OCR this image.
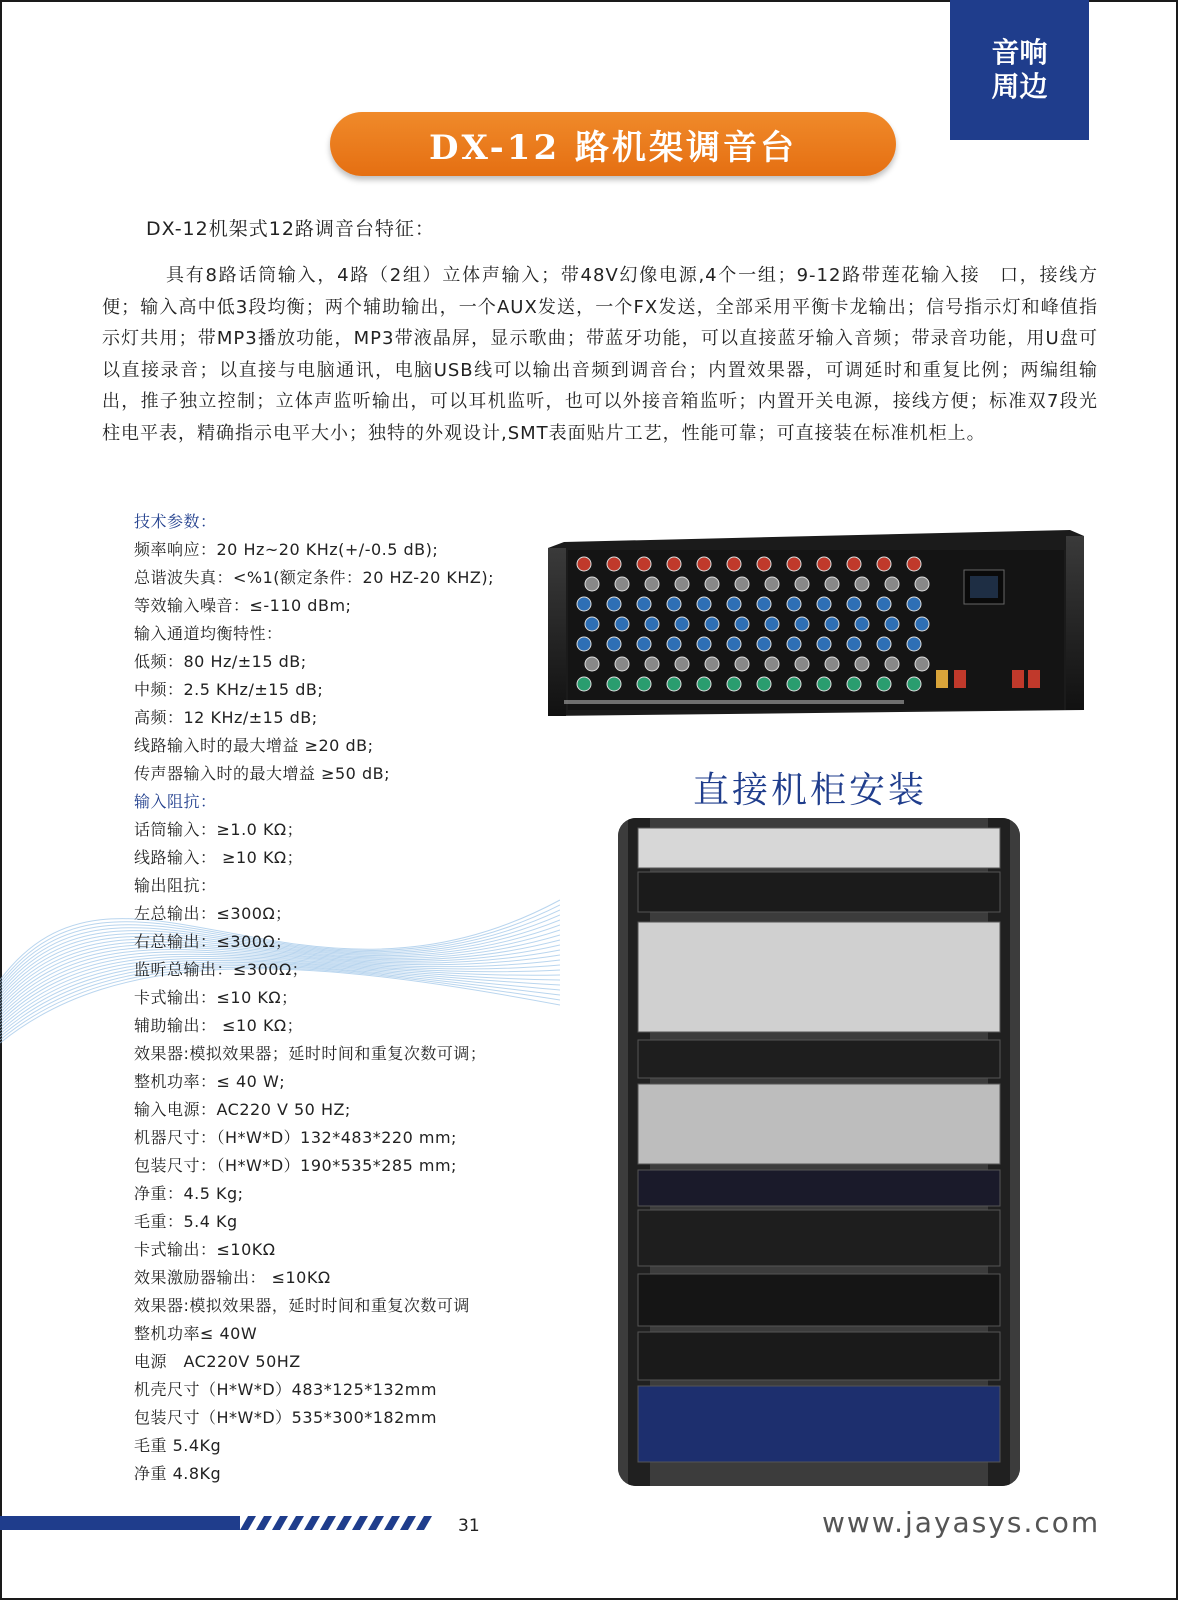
音响
周边
DX-12 路机架调音台
DX-12机架式12路调音台特征：
具有8路话筒输入，4路（2组）立体声输入；带48V幻像电源,4个一组；9-12路带莲花输入接　口，接线方便；输入高中低3段均衡；两个辅助输出，一个AUX发送，一个FX发送，全部采用平衡卡龙输出；信号指示灯和峰值指示灯共用；带MP3播放功能，MP3带液晶屏，显示歌曲；带蓝牙功能，可以直接蓝牙输入音频；带录音功能，用U盘可以直接录音；以直接与电脑通讯，电脑USB线可以输出音频到调音台；内置效果器，可调延时和重复比例；两编组输出，推子独立控制；立体声监听输出，可以耳机监听，也可以外接音箱监听；内置开关电源，接线方便；标准双7段光柱电平表，精确指示电平大小；独特的外观设计,SMT表面贴片工艺，性能可靠；可直接装在标准机柜上。
技术参数：
频率响应：20 Hz~20 KHz(+/-0.5 dB);
总谐波失真：<%1(额定条件：20 HZ-20 KHZ);
等效输入噪音：≤-110 dBm;
输入通道均衡特性：
低频：80 Hz/±15 dB;
中频：2.5 KHz/±15 dB;
高频：12 KHz/±15 dB;
线路输入时的最大增益 ≥20 dB;
传声器输入时的最大增益 ≥50 dB;
输入阻抗：
话筒输入：≥1.0 KΩ；
线路输入： ≥10 KΩ；
输出阻抗：
左总输出：≤300Ω；
右总输出：≤300Ω；
监听总输出：≤300Ω；
卡式输出：≤10 KΩ；
辅助输出： ≤10 KΩ；
效果器:模拟效果器；延时时间和重复次数可调；
整机功率：≤ 40 W;
输入电源：AC220 V 50 HZ;
机器尺寸：（H*W*D）132*483*220 mm;
包装尺寸：（H*W*D）190*535*285 mm;
净重：4.5 Kg;
毛重：5.4 Kg
卡式输出：≤10KΩ
效果激励器输出： ≤10KΩ
效果器:模拟效果器，延时时间和重复次数可调
整机功率≤ 40W
电源　AC220V 50HZ
机壳尺寸（H*W*D）483*125*132mm
包装尺寸（H*W*D）535*300*182mm
毛重 5.4Kg
净重 4.8Kg
直接机柜安装
31	www.jayasys.com
